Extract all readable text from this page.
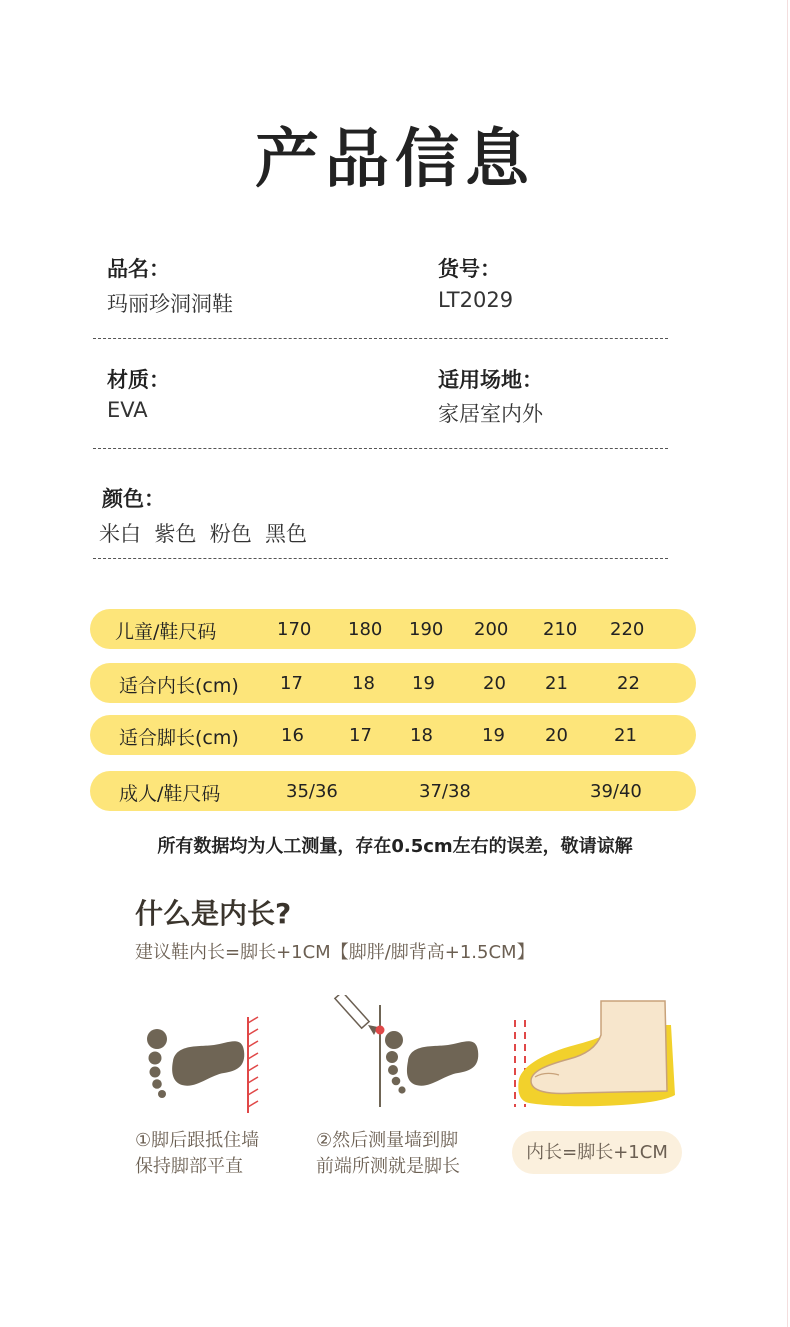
产品信息
品名：
玛丽珍洞洞鞋
货号：
LT2029
材质：
EVA
适用场地：
家居室内外
颜色：
米白  紫色  粉色  黑色
儿童/鞋尺码	170 180 190 200 210 220
适合内长(cm) 17	18 19	20 21	22
适合脚长(cm) 16	17 18	19 20	21
成人/鞋尺码	35/36	37/38	39/40
所有数据均为人工测量，存在0.5cm左右的误差，敬请谅解
什么是内长?
建议鞋内长=脚长+1CM【脚胖/脚背高+1.5CM】
①脚后跟抵住墙
保持脚部平直
②然后测量墙到脚
前端所测就是脚长
内长=脚长+1CM
